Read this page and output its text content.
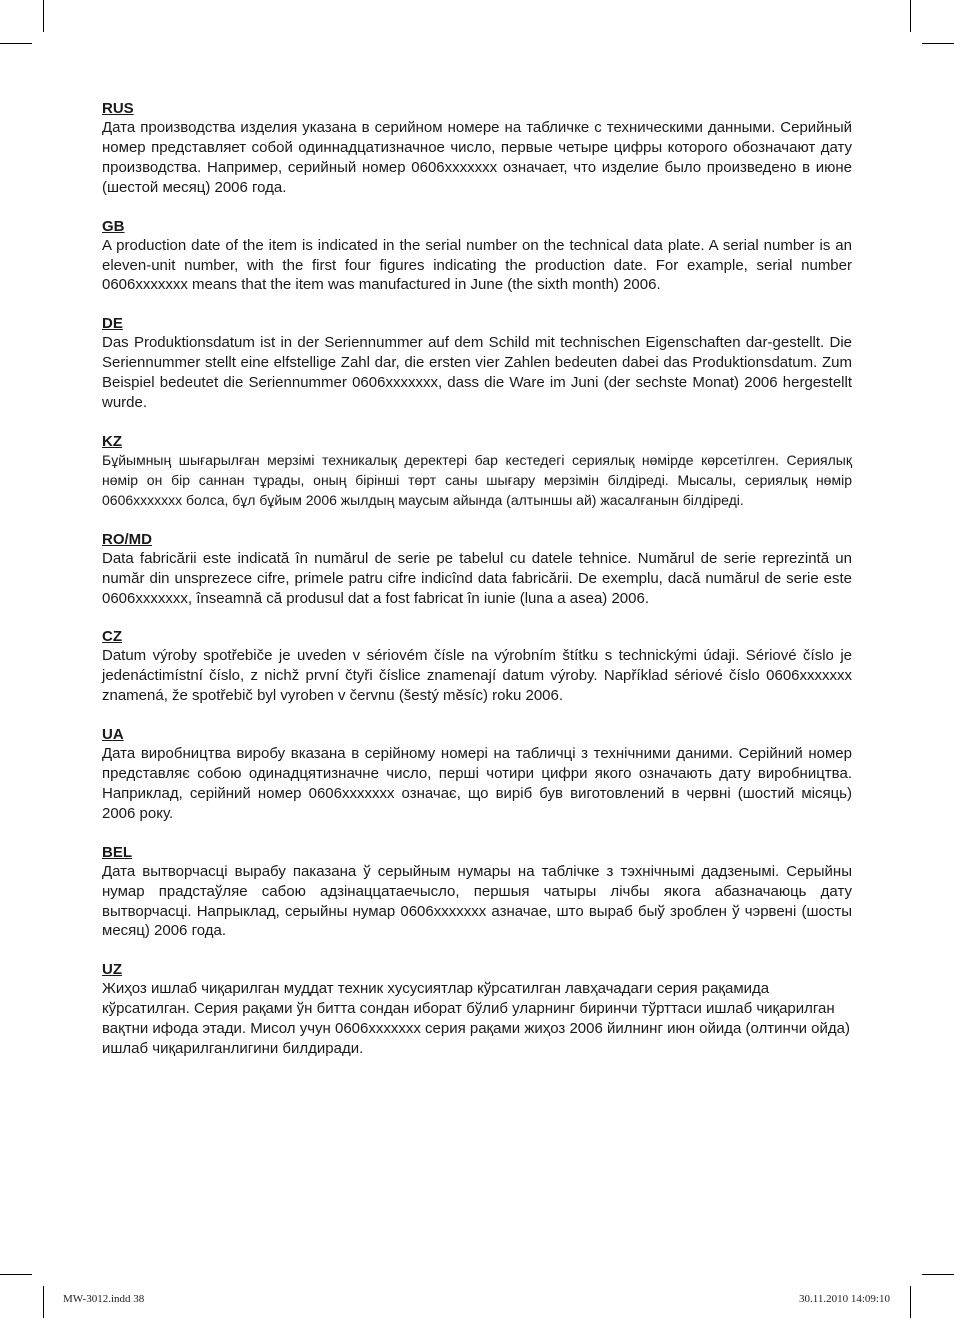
RUS

Дата производства изделия указана в серийном номере на табличке с техническими данными. Серийный номер представляет собой одиннадцатизначное число, первые четыре цифры которого обозначают дату производства. Например, серийный номер 0606xxxxxxx означает, что изделие было произведено в июне (шестой месяц) 2006 года.

GB

A production date of the item is indicated in the serial number on the technical data plate. A serial number is an eleven-unit number, with the first four figures indicating the production date. For example, serial number 0606xxxxxxx means that the item was manufactured in June (the sixth month) 2006.

DE

Das Produktionsdatum ist in der Seriennummer auf dem Schild mit technischen Eigenschaften dar-gestellt. Die Seriennummer stellt eine elfstellige Zahl dar, die ersten vier Zahlen bedeuten dabei das Produktionsdatum. Zum Beispiel bedeutet die Seriennummer 0606xxxxxxx, dass die Ware im Juni (der sechste Monat) 2006 hergestellt wurde.

KZ

Бұйымның шығарылған мерзімі техникалық деректері бар кестедегі сериялық нөмірде көрсетілген. Сериялық нөмір он бір саннан тұрады, оның бірінші төрт саны шығару мерзімін білдіреді. Мысалы, сериялық нөмір 0606xxxxxxx болса, бұл бұйым 2006 жылдың маусым айында (алтыншы ай) жасалғанын білдіреді.

RO/MD

Data fabricării este indicată în numărul de serie pe tabelul cu datele tehnice. Numărul de serie reprezintă un număr din unsprezece cifre, primele patru cifre indicînd data fabricării. De exemplu, dacă numărul de serie este 0606xxxxxxx, înseamnă că produsul dat a fost fabricat în iunie (luna a asea) 2006.

CZ

Datum výroby spotřebiče je uveden v sériovém čísle na výrobním štítku s technickými údaji. Sériové číslo je jedenáctimístní číslo, z nichž první čtyři číslice znamenají datum výroby. Například sériové číslo 0606xxxxxxx znamená, že spotřebič byl vyroben v červnu (šestý měsíc) roku 2006.

UA

Дата виробництва виробу вказана в серійному номері на табличці з технічними даними. Серійний номер представляє собою одинадцятизначне число, перші чотири цифри якого означають дату виробництва. Наприклад, серійний номер 0606xxxxxxx означає, що виріб був виготовлений в червні (шостий місяць) 2006 року.

BEL

Дата вытворчасці вырабу паказана ў серыйным нумары на таблічке з тэхнічнымі дадзенымі. Серыйны нумар прадстаўляе сабою адзінаццатаечысло, першыя чатыры лічбы якога абазначаюць дату вытворчасці. Напрыклад, серыйны нумар 0606xxxxxxx азначае, што выраб быў зроблен ў чэрвені (шосты месяц) 2006 года.

UZ

Жиҳоз ишлаб чиқарилган муддат техник хусусиятлар кўрсатилган лавҳачадаги серия рақамида кўрсатилган. Серия рақами ўн битта сондан иборат бўлиб уларнинг биринчи тўрттаси ишлаб чиқарилган вақтни ифода этади. Мисол учун 0606xxxxxxx серия рақами жиҳоз 2006 йилнинг июн ойида (олтинчи ойда) ишлаб чиқарилганлигини билдиради.

MW-3012.indd 38	30.11.2010 14:09:10
